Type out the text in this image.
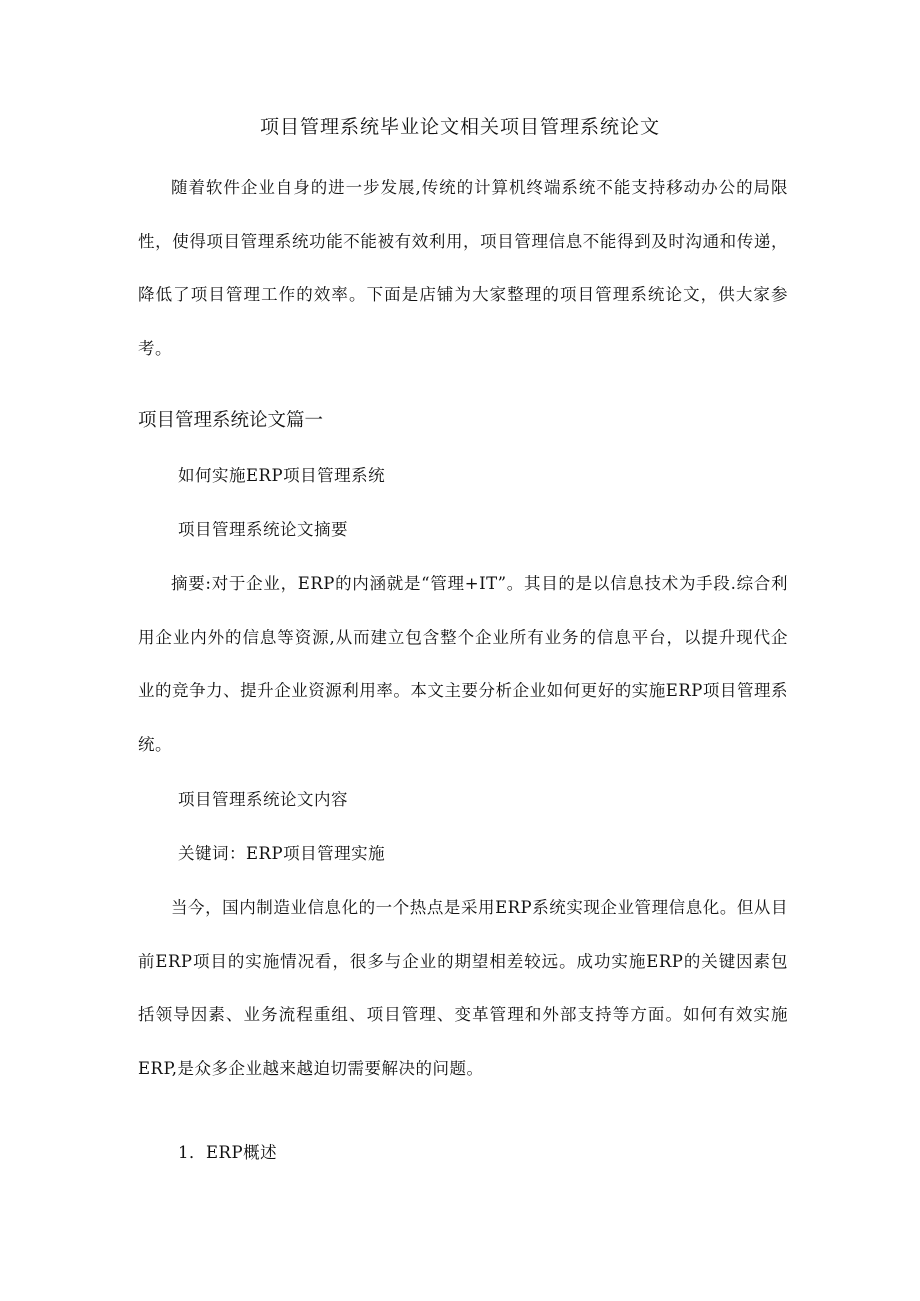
项目管理系统毕业论文相关项目管理系统论文
随着软件企业自身的进一步发展,传统的计算机终端系统不能支持移动办公的局限性，使得项目管理系统功能不能被有效利用，项目管理信息不能得到及时沟通和传递，降低了项目管理工作的效率。下面是店铺为大家整理的项目管理系统论文，供大家参考。
项目管理系统论文篇一
如何实施ERP项目管理系统
项目管理系统论文摘要
摘要:对于企业，ERP的内涵就是“管理+IT”。其目的是以信息技术为手段.综合利用企业内外的信息等资源,从而建立包含整个企业所有业务的信息平台，以提升现代企业的竞争力、提升企业资源利用率。本文主要分析企业如何更好的实施ERP项目管理系统。
项目管理系统论文内容
关键词：ERP项目管理实施
当今，国内制造业信息化的一个热点是采用ERP系统实现企业管理信息化。但从目前ERP项目的实施情况看，很多与企业的期望相差较远。成功实施ERP的关键因素包括领导因素、业务流程重组、项目管理、变革管理和外部支持等方面。如何有效实施ERP,是众多企业越来越迫切需要解决的问题。
1．ERP概述
